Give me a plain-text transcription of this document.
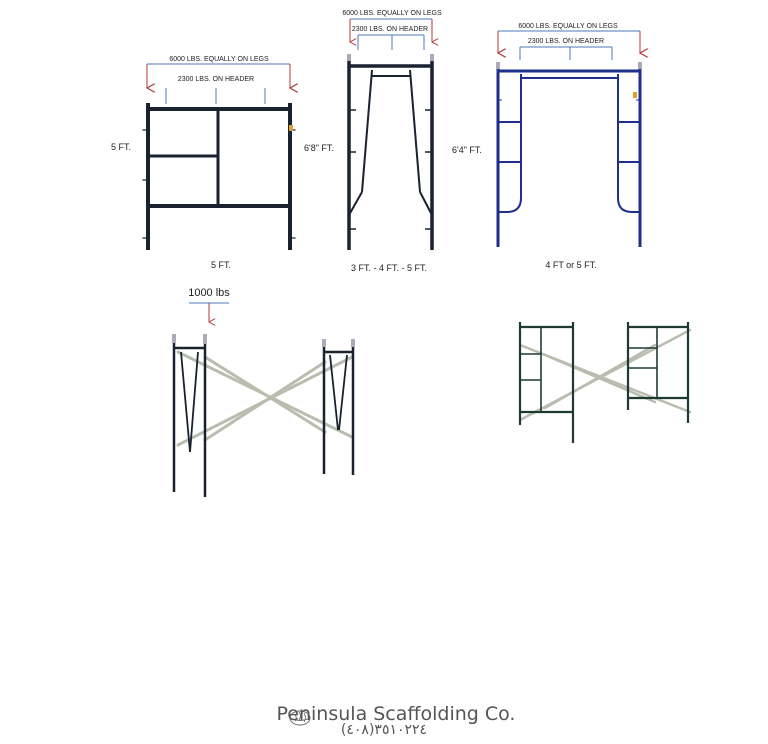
6000 LBS. EQUALLY ON LEGS
2300 LBS. ON HEADER
5 FT.
5 FT.
6000 LBS. EQUALLY ON LEGS
2300 LBS. ON HEADER
6'8" FT.
3 FT. - 4 FT. - 5 FT.
6000 LBS. EQUALLY ON LEGS
2300 LBS. ON HEADER
6'4" FT.
4 FT or 5 FT.
1000 lbs
Peninsula Scaffolding Co.
(٤٠٨)٣٥١٠٢٢٤
